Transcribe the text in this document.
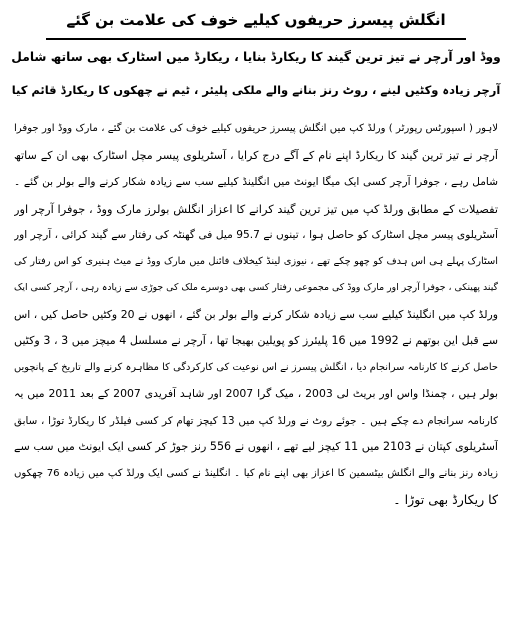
انگلش پیسرز حریفوں کیلیے خوف کی علامت بن گئے
ووڈ اور آرچر نے تیز ترین گیند کا ریکارڈ بنایا ، ریکارڈ میں اسٹارک بھی ساتھ شامل
آرچر زیادہ وکٹیں لینے ، روٹ رنز بنانے والے ملکی پلیئر ، ٹیم نے چھکوں کا ریکارڈ قائم کیا
لاہور ( اسپورٹس رپورٹر ) ورلڈ کپ میں انگلش پیسرز حریفوں کیلیے خوف کی علامت بن گئے ، مارک ووڈ اور جوفرا
آرچر نے تیز ترین گیند کا ریکارڈ اپنے نام کے آگے درج کرایا ، آسٹریلوی پیسر مچل اسٹارک بھی ان کے ساتھ
شامل رہے ، جوفرا آرچر کسی ایک میگا ایونٹ میں انگلینڈ کیلیے سب سے زیادہ شکار کرنے والے بولر بن گئے ۔
تفصیلات کے مطابق ورلڈ کپ میں تیز ترین گیند کرانے کا اعزاز انگلش بولرز مارک ووڈ ، جوفرا آرچر اور
آسٹریلوی پیسر مچل اسٹارک کو حاصل ہوا ، تینوں نے 95.7 میل فی گھنٹہ کی رفتار سے گیند کرائی ، آرچر اور
اسٹارک پہلے ہی اس ہدف کو چھو چکے تھے ، نیوزی لینڈ کیخلاف فائنل میں مارک ووڈ نے میٹ ہنیری کو اس رفتار کی
گیند پھینکی ، جوفرا آرچر اور مارک ووڈ کی مجموعی رفتار کسی بھی دوسرے ملک کی جوڑی سے زیادہ رہی ، آرچر کسی ایک
ورلڈ کپ میں انگلینڈ کیلیے سب سے زیادہ شکار کرنے والے بولر بن گئے ، انھوں نے 20 وکٹیں حاصل کیں ، اس
سے قبل این بوتھم نے 1992 میں 16 پلیئرز کو پویلین بھیجا تھا ، آرچر نے مسلسل 4 میچز میں 3 ، 3 وکٹیں
حاصل کرنے کا کارنامہ سرانجام دیا ، انگلش پیسرز نے اس نوعیت کی کارکردگی کا مظاہرہ کرنے والے تاریخ کے پانچویں
بولر ہیں ، چمنڈا واس اور بریٹ لی 2003 ، میک گرا 2007 اور شاہد آفریدی 2007 کے بعد 2011 میں یہ
کارنامہ سرانجام دے چکے ہیں ۔ جوئے روٹ نے ورلڈ کپ میں 13 کیچز تھام کر کسی فیلڈر کا ریکارڈ توڑا ، سابق
آسٹریلوی کپتان نے 2103 میں 11 کیچز لیے تھے ، انھوں نے 556 رنز جوڑ کر کسی ایک ایونٹ میں سب سے
زیادہ رنز بنانے والے انگلش بیٹسمین کا اعزاز بھی اپنے نام کیا ۔ انگلینڈ نے کسی ایک ورلڈ کپ میں زیادہ 76 چھکوں
کا ریکارڈ بھی توڑا ۔
